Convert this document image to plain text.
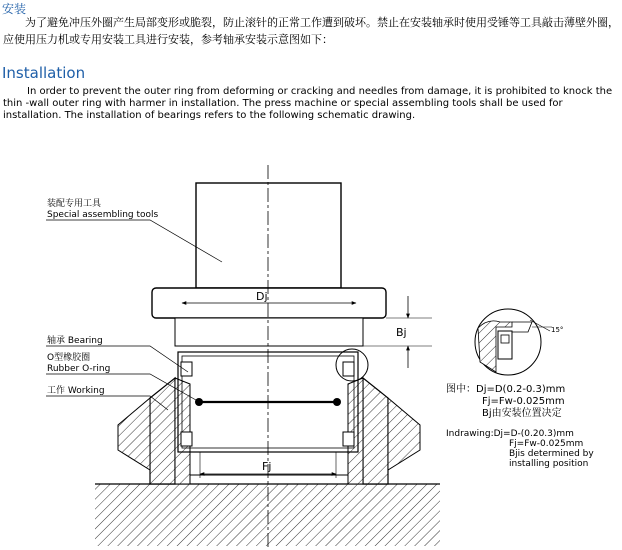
安装
为了避免冲压外圈产生局部变形或脆裂，防止滚针的正常工作遭到破坏。禁止在安装轴承时使用受锤等工具敲击薄壁外圈，应使用压力机或专用安装工具进行安装，参考轴承安装示意图如下：
Installation
In order to prevent the outer ring from deforming or cracking and needles from damage, it is prohibited to knock the thin -wall outer ring with harmer in installation. The press machine or special assembling tools shall be used for installation. The installation of bearings refers to the following schematic drawing.
Dj
Bj
Fj
装配专用工具
Special assembling tools
轴承 Bearing
O型橡胶圈
Rubber O-ring
工作 Working
15°
图中：Dj=D(0.2-0.3)mm
Fj=Fw-0.025mm
Bj由安装位置决定
Indrawing:Dj=D-(0.20.3)mm
Fj=Fw-0.025mm
Bjis determined by
installing position
